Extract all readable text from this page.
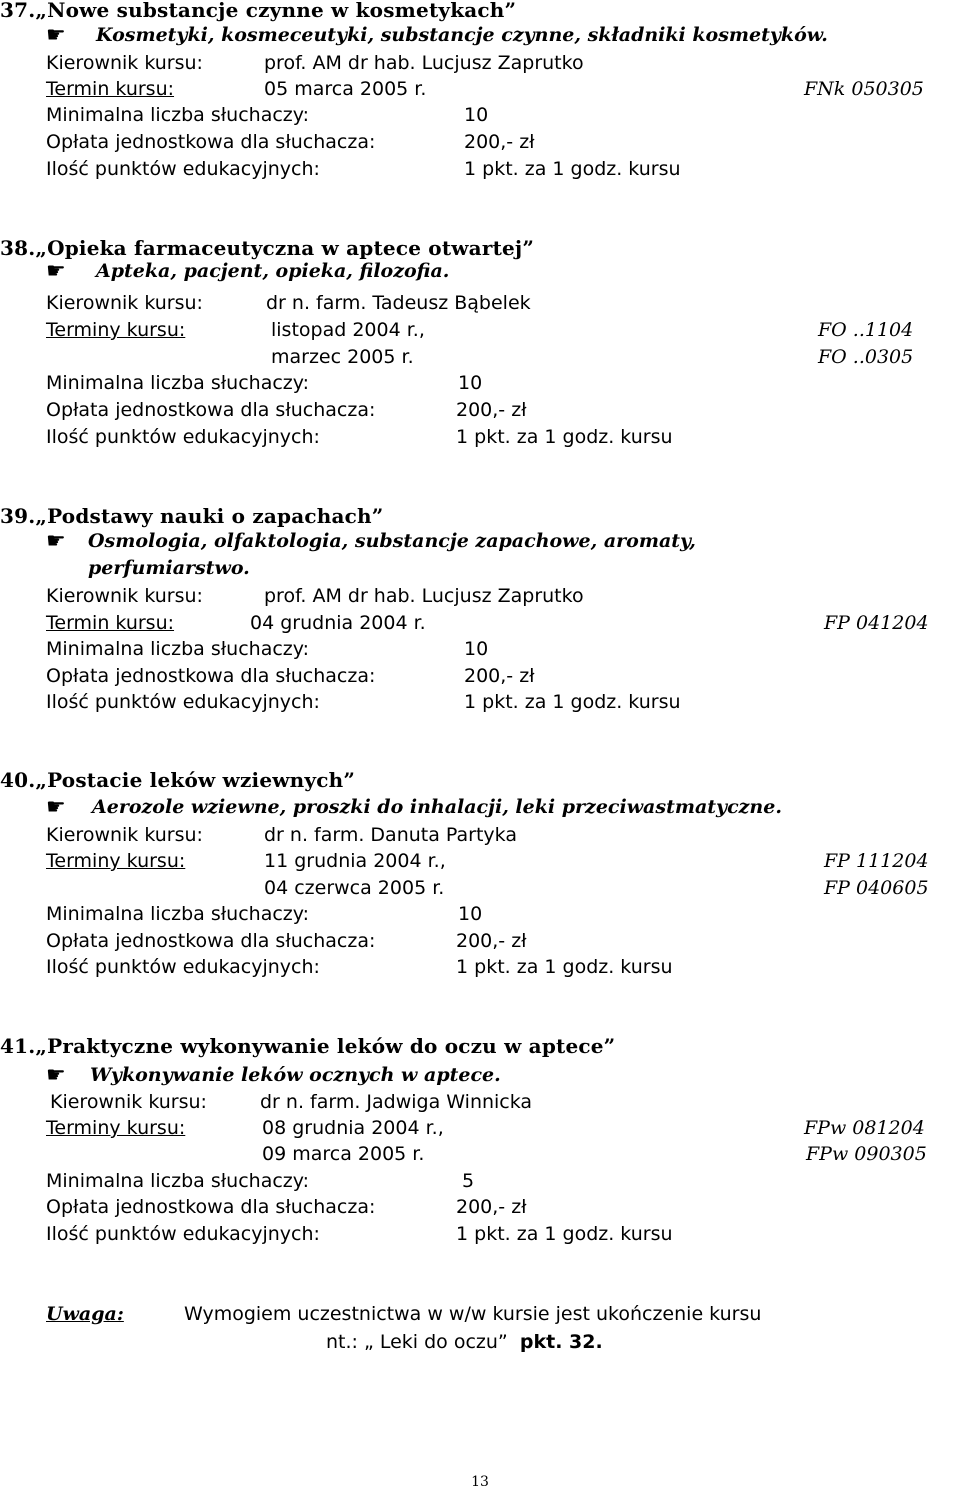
37.„Nowe substancje czynne w kosmetykach”
☛ Kosmetyki, kosmeceutyki, substancje czynne, składniki kosmetyków.
Kierownik kursu:	prof. AM dr hab. Lucjusz Zaprutko
Termin kursu:	05 marca 2005 r.	FNk 050305
Minimalna liczba słuchaczy:	10
Opłata jednostkowa dla słuchacza:	200,- zł
Ilość punktów edukacyjnych:	1 pkt. za 1 godz. kursu
38.„Opieka farmaceutyczna w aptece otwartej”
☛ Apteka, pacjent, opieka, filozofia.
Kierownik kursu:	dr n. farm. Tadeusz Bąbelek
Terminy kursu:	listopad 2004 r.,	FO ..1104
marzec 2005 r.	FO ..0305
Minimalna liczba słuchaczy:	10
Opłata jednostkowa dla słuchacza:	200,- zł
Ilość punktów edukacyjnych:	1 pkt. za 1 godz. kursu
39.„Podstawy nauki o zapachach”
☛ Osmologia, olfaktologia, substancje zapachowe, aromaty, perfumiarstwo.
Kierownik kursu:	prof. AM dr hab. Lucjusz Zaprutko
Termin kursu:	04 grudnia 2004 r.	FP 041204
Minimalna liczba słuchaczy:	10
Opłata jednostkowa dla słuchacza:	200,- zł
Ilość punktów edukacyjnych:	1 pkt. za 1 godz. kursu
40.„Postacie leków wziewnych”
☛ Aerozole wziewne, proszki do inhalacji, leki przeciwastmatyczne.
Kierownik kursu:	dr n. farm. Danuta Partyka
Terminy kursu:	11 grudnia 2004 r.,	FP 111204
04 czerwca 2005 r.	FP 040605
Minimalna liczba słuchaczy:	10
Opłata jednostkowa dla słuchacza:	200,- zł
Ilość punktów edukacyjnych:	1 pkt. za 1 godz. kursu
41.„Praktyczne wykonywanie leków do oczu w aptece”
☛ Wykonywanie leków ocznych w aptece.
Kierownik kursu:	dr n. farm. Jadwiga Winnicka
Terminy kursu:	08 grudnia 2004 r.,	FPw 081204
09 marca 2005 r.	FPw 090305
Minimalna liczba słuchaczy:	5
Opłata jednostkowa dla słuchacza:	200,- zł
Ilość punktów edukacyjnych:	1 pkt. za 1 godz. kursu
Uwaga:	Wymogiem uczestnictwa w w/w kursie jest ukończenie kursu
nt.: „ Leki do oczu” pkt. 32.
13
